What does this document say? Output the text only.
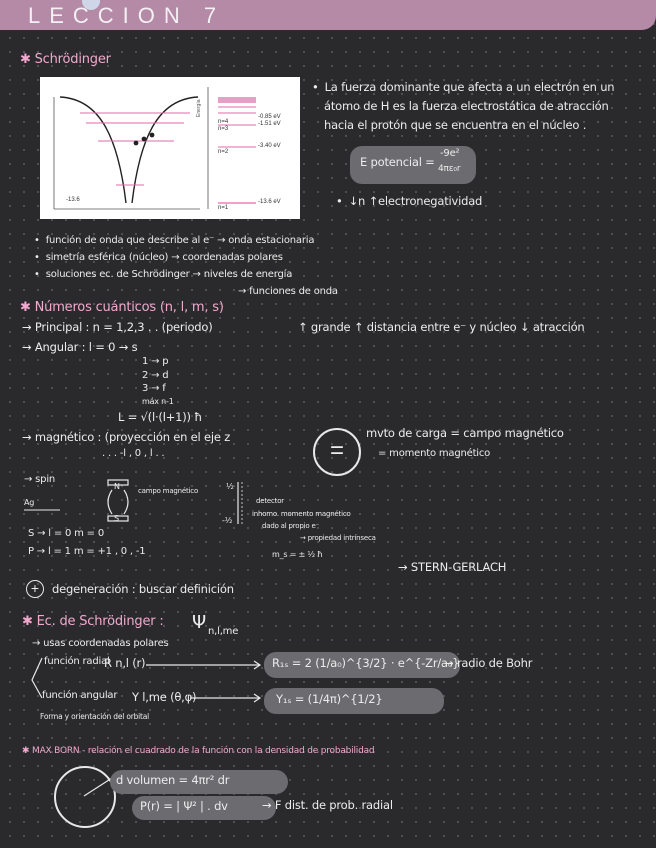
LECCION 7
✱ Schrödinger
-13.6
Energía
n=4
n=3
n=2
n=1
-0.85 eV
-1.51 eV
-3.40 eV
-13.6 eV
• La fuerza dominante que afecta a un electrón en un
átomo de H es la fuerza electrostática de atracción
hacia el protón que se encuentra en el núcleo .
E potencial =
-9e²
4πε₀r
• ↓n ↑electronegatividad
• función de onda que describe al e⁻ → onda estacionaria
• simetría esférica (núcleo) → coordenadas polares
• soluciones ec. de Schrödinger → niveles de energía
→ funciones de onda
✱ Números cuánticos (n, l, m, s)
→ Principal : n = 1,2,3 . . (periodo)	↑ grande ↑ distancia entre e⁻ y núcleo ↓ atracción
→ Angular : l = 0 → s
1 → p
2 → d
3 → f
máx n-1
L = √(l·(l+1)) ħ
→ magnético : (proyección en el eje z
. . . -l , 0 , l . .	=
mvto de carga = campo magnético
= momento magnético
→ spin
N
S
campo magnético
Ag
½
-½
detector
inhomo. momento magnético
dado al propio e⁻
→ propiedad intrínseca
S → l = 0 m = 0
P → l = 1 m = +1 , 0 , -1	m_s = ± ½ ħ
→ STERN-GERLACH
+	degeneración : buscar definición
✱ Ec. de Schrödinger : Ψ n,l,me
→ usas coordenadas polares
función radial
R n,l (r)	R₁ₛ = 2 (1/a₀)^{3/2} · e^{-Zr/a₀}
→ radio de Bohr
función angular Y l,me (θ,φ)	Y₁ₛ = (1/4π)^{1/2}
Forma y orientación del orbital
✱ MAX BORN - relación el cuadrado de la función con la densidad de probabilidad
d volumen = 4πr² dr
P(r) = | Ψ² | . dv	→ F dist. de prob. radial
